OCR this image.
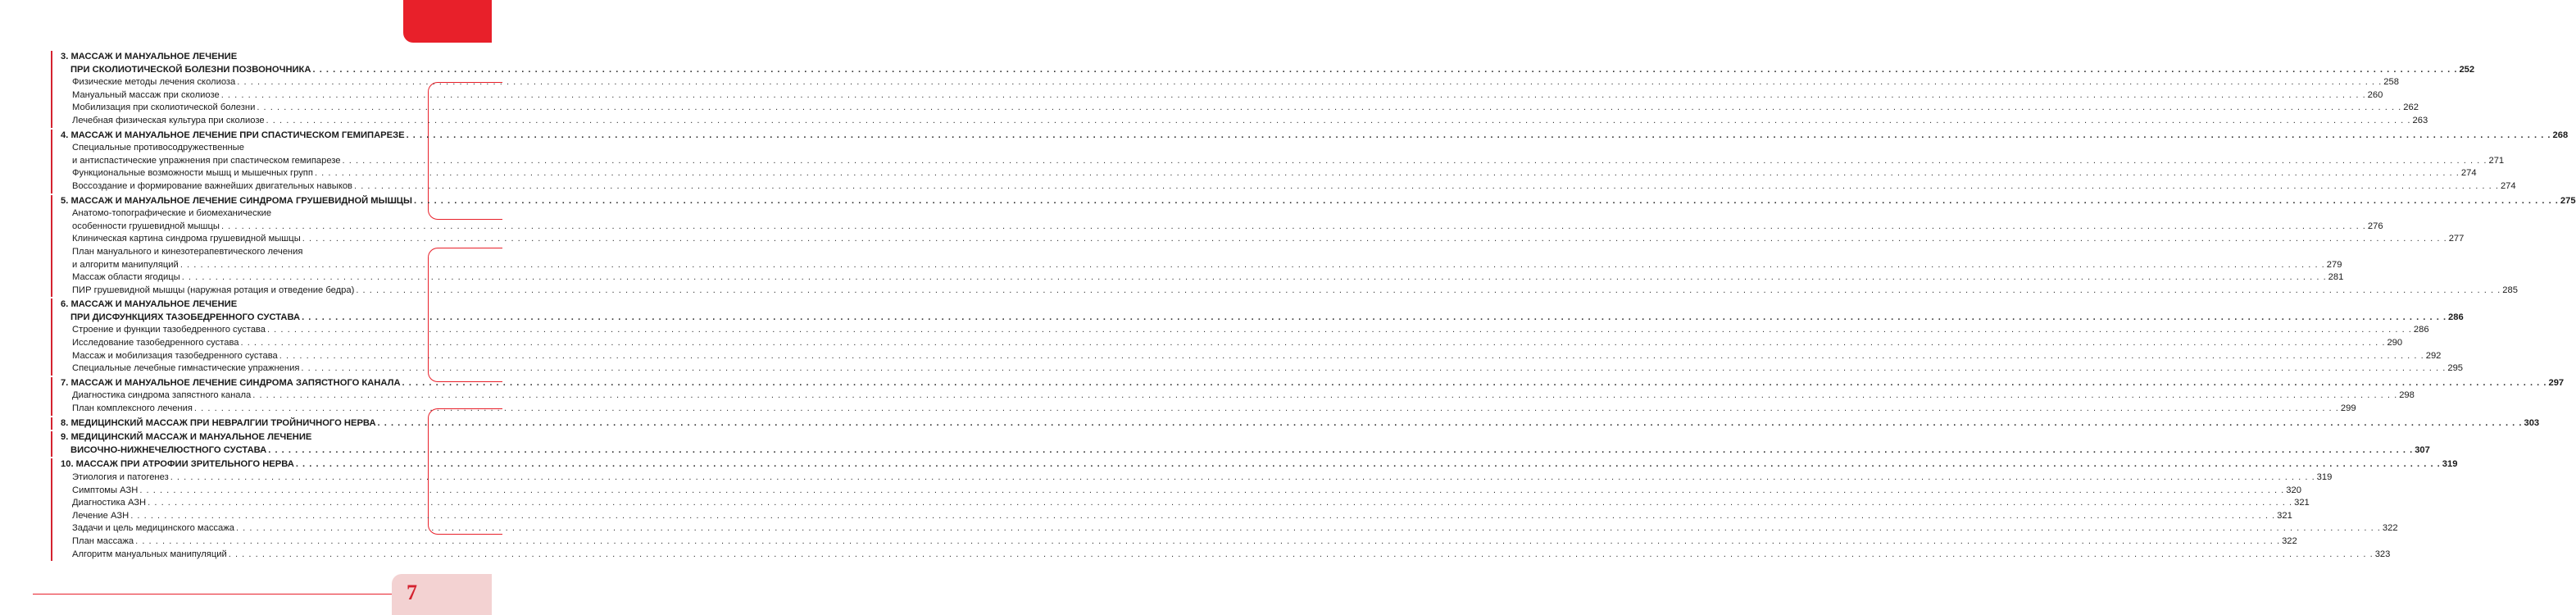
3. МАССАЖ И МАНУАЛЬНОЕ ЛЕЧЕНИЕ
ПРИ СКОЛИОТИЧЕСКОЙ БОЛЕЗНИ ПОЗВОНОЧНИКА . . .	252
Физические методы лечения сколиоза . . .	258
Мануальный массаж при сколиозе . . .	260
Мобилизация при сколиотической болезни . . .	262
Лечебная физическая культура при сколиозе . . .	263
4. МАССАЖ И МАНУАЛЬНОЕ ЛЕЧЕНИЕ ПРИ СПАСТИЧЕСКОМ ГЕМИПАРЕЗЕ . . .	268
Специальные противосодружественные
и антиспастические упражнения при спастическом гемипарезе . . .	271
Функциональные возможности мышц и мышечных групп . . .	274
Воссоздание и формирование важнейших двигательных навыков . . .	274
5. МАССАЖ И МАНУАЛЬНОЕ ЛЕЧЕНИЕ СИНДРОМА ГРУШЕВИДНОЙ МЫШЦЫ . . .	275
Анатомо-топографические и биомеханические
особенности грушевидной мышцы . . .	276
Клиническая картина синдрома грушевидной мышцы . . .	277
План мануального и кинезотерапевтического лечения
и алгоритм манипуляций . . .	279
Массаж области ягодицы . . .	281
ПИР грушевидной мышцы (наружная ротация и отведение бедра) . . .	285
6. МАССАЖ И МАНУАЛЬНОЕ ЛЕЧЕНИЕ
ПРИ ДИСФУНКЦИЯХ ТАЗОБЕДРЕННОГО СУСТАВА . . .	286
Строение и функции тазобедренного сустава . . .	286
Исследование тазобедренного сустава . . .	290
Массаж и мобилизация тазобедренного сустава . . .	292
Специальные лечебные гимнастические упражнения . . .	295
7. МАССАЖ И МАНУАЛЬНОЕ ЛЕЧЕНИЕ СИНДРОМА ЗАПЯСТНОГО КАНАЛА . . .	297
Диагностика синдрома запястного канала . . .	298
План комплексного лечения . . .	299
8. МЕДИЦИНСКИЙ МАССАЖ ПРИ НЕВРАЛГИИ ТРОЙНИЧНОГО НЕРВА . . .	303
9. МЕДИЦИНСКИЙ МАССАЖ И МАНУАЛЬНОЕ ЛЕЧЕНИЕ
ВИСОЧНО-НИЖНЕЧЕЛЮСТНОГО СУСТАВА . . .	307
10. МАССАЖ ПРИ АТРОФИИ ЗРИТЕЛЬНОГО НЕРВА . . .	319
Этиология и патогенез . . .	319
Симптомы АЗН . . .	320
Диагностика АЗН . . .	321
Лечение АЗН . . .	321
Задачи и цель медицинского массажа . . .	322
План массажа . . .	322
Алгоритм мануальных манипуляций . . .	323
7
